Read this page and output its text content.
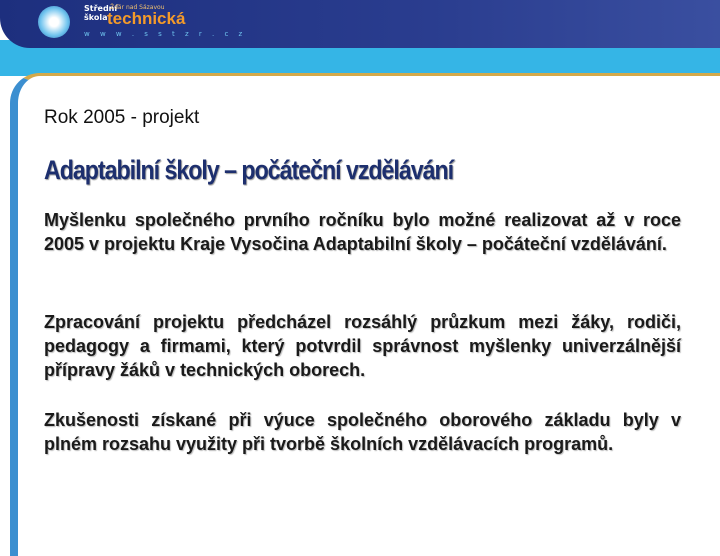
Střední
škola
Žďár nad Sázavou
technická
w w w . s s t z r . c z
Rok 2005 - projekt
Adaptabilní školy – počáteční vzdělávání
Myšlenku společného prvního ročníku bylo možné realizovat až v roce 2005 v projektu Kraje Vysočina Adaptabilní školy – počáteční vzdělávání.
Zpracování projektu předcházel rozsáhlý průzkum mezi žáky, rodiči, pedagogy a firmami, který potvrdil správnost myšlenky univerzálnější přípravy žáků v technických oborech.
Zkušenosti získané při výuce společného oborového základu byly v plném rozsahu využity při tvorbě školních vzdělávacích programů.
